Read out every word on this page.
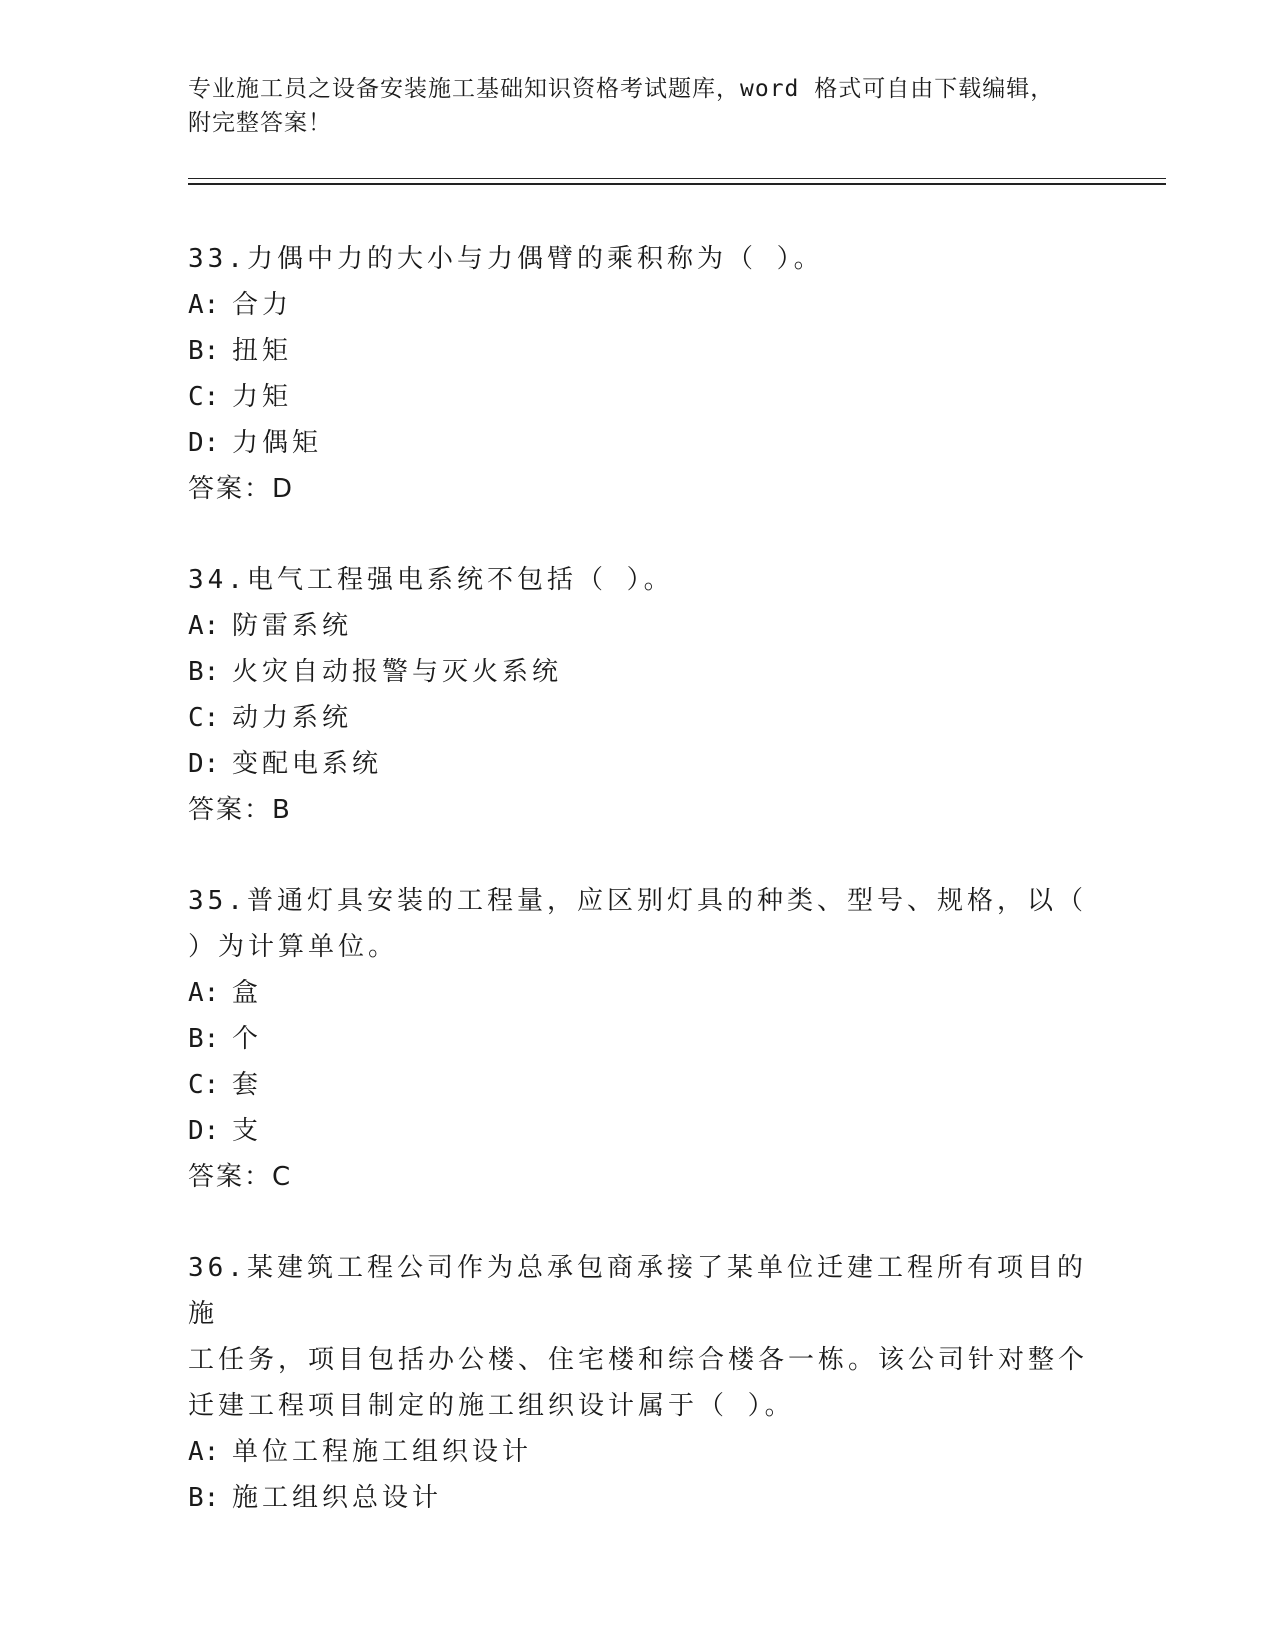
专业施工员之设备安装施工基础知识资格考试题库，word 格式可自由下载编辑，
附完整答案！
33.力偶中力的大小与力偶臂的乘积称为（ ）。
A: 合力
B: 扭矩
C: 力矩
D: 力偶矩
答案：D
34.电气工程强电系统不包括（ ）。
A: 防雷系统
B: 火灾自动报警与灭火系统
C: 动力系统
D: 变配电系统
答案：B
35.普通灯具安装的工程量，应区别灯具的种类、型号、规格，以（
）为计算单位。
A: 盒
B: 个
C: 套
D: 支
答案：C
36.某建筑工程公司作为总承包商承接了某单位迁建工程所有项目的施
工任务，项目包括办公楼、住宅楼和综合楼各一栋。该公司针对整个
迁建工程项目制定的施工组织设计属于（ ）。
A: 单位工程施工组织设计
B: 施工组织总设计
